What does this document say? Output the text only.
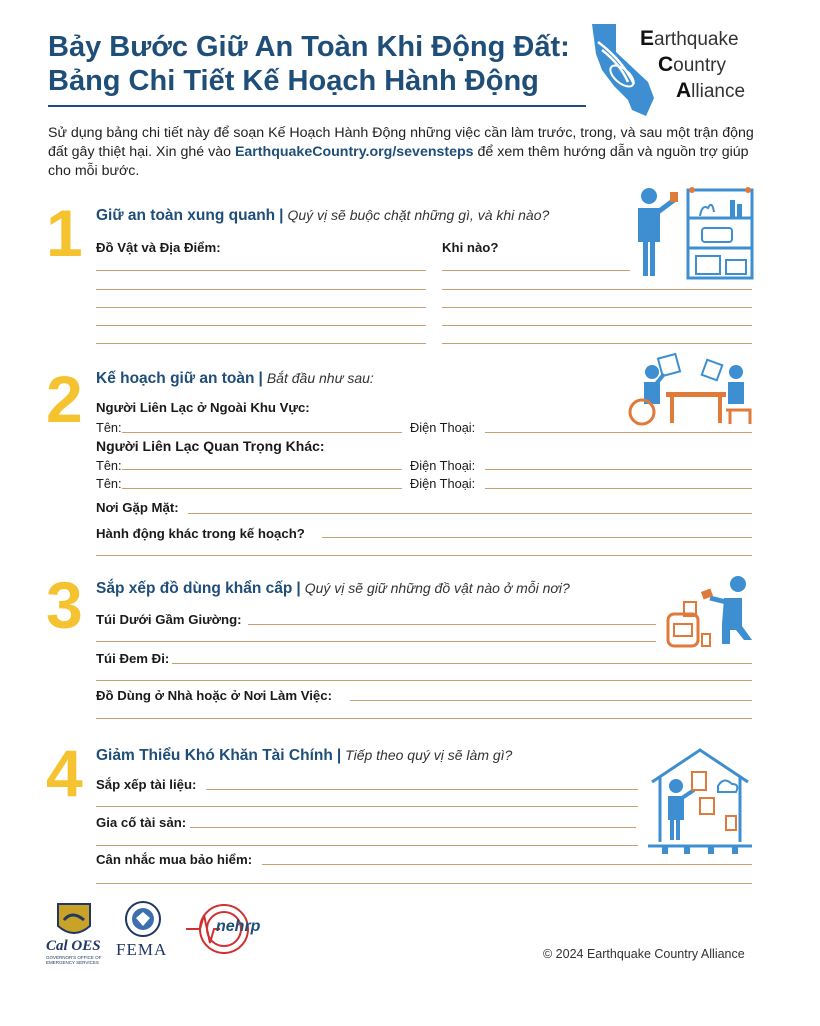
Bảy Bước Giữ An Toàn Khi Động Đất:
Bảng Chi Tiết Kế Hoạch Hành Động
Earthquake
Country
Alliance
Sử dụng bảng chi tiết này để soạn Kế Hoạch Hành Động những việc cần làm trước, trong, và sau một trận động đất gây thiệt hại. Xin ghé vào EarthquakeCountry.org/sevensteps để xem thêm hướng dẫn và nguồn trợ giúp cho mỗi bước.
1 Giữ an toàn xung quanh | Quý vị sẽ buộc chặt những gì, và khi nào?
Đồ Vật và Địa Điểm:	Khi nào?
2 Kế hoạch giữ an toàn | Bắt đầu như sau:
Người Liên Lạc ở Ngoài Khu Vực:
Tên:	Điện Thoại:
Người Liên Lạc Quan Trọng Khác:
Tên:	Điện Thoại:
Tên:	Điện Thoại:
Nơi Gặp Mặt:
Hành động khác trong kế hoạch?
3 Sắp xếp đồ dùng khẩn cấp | Quý vị sẽ giữ những đồ vật nào ở mỗi nơi?
Túi Dưới Gầm Giường:
Túi Đem Đi:
Đồ Dùng ở Nhà hoặc ở Nơi Làm Việc:
4 Giảm Thiểu Khó Khăn Tài Chính | Tiếp theo quý vị sẽ làm gì?
Sắp xếp tài liệu:
Gia cố tài sản:
Cân nhắc mua bảo hiểm:
Cal OES
GOVERNOR'S OFFICE OF EMERGENCY SERVICES
FEMA
nehrp
© 2024 Earthquake Country Alliance
